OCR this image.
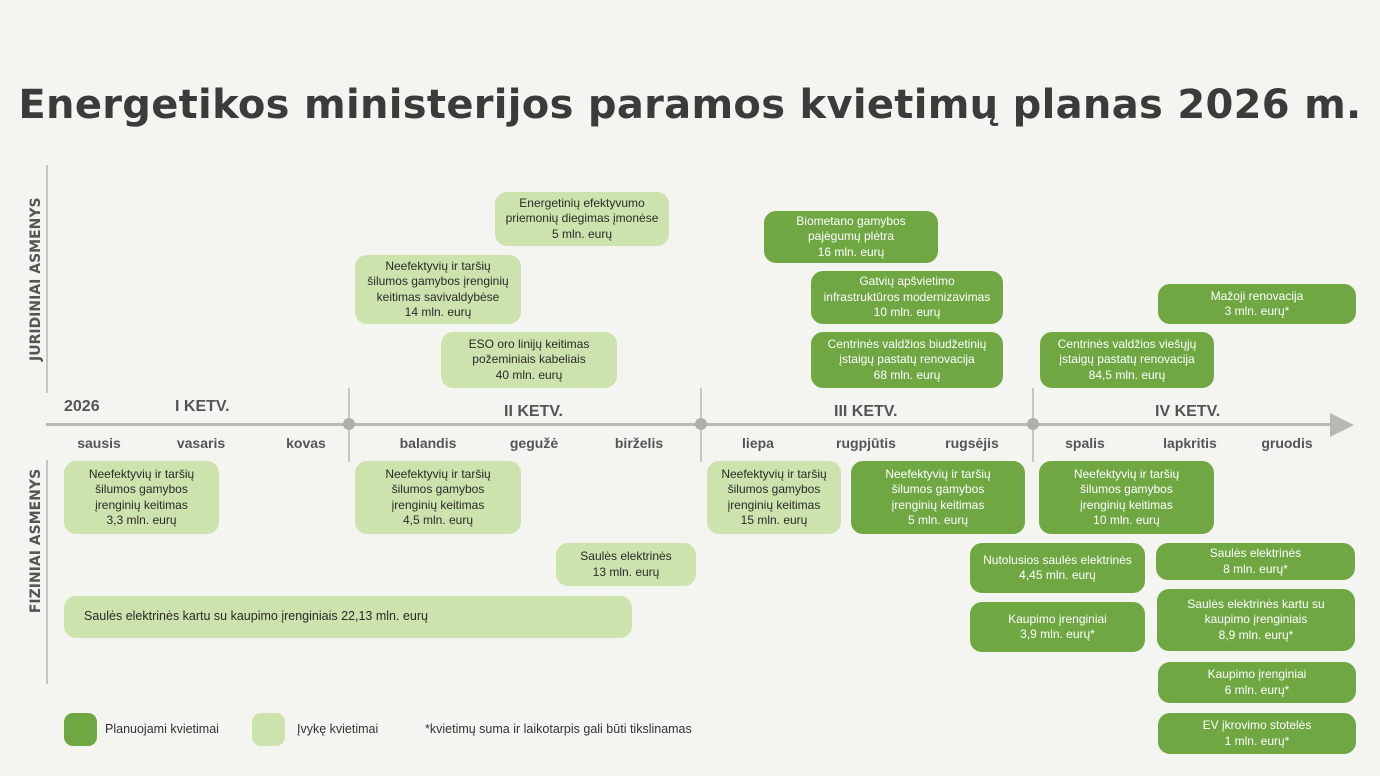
Energetikos ministerijos paramos kvietimų planas 2026 m.
JURIDINIAI ASMENYS
FIZINIAI ASMENYS
2026	I KETV.	II KETV.	III KETV.	IV KETV.
sausis	vasaris	kovas	balandis	gegužė	birželis	liepa	rugpjūtis	rugsėjis	spalis	lapkritis	gruodis
Energetinių efektyvumo
priemonių diegimas įmonėse
5 mln. eurų
Neefektyvių ir taršių
šilumos gamybos įrenginių
keitimas savivaldybėse
14 mln. eurų
ESO oro linijų keitimas
požeminiais kabeliais
40 mln. eurų
Biometano gamybos
pajėgumų plėtra
16 mln. eurų
Gatvių apšvietimo
infrastruktūros modernizavimas
10 mln. eurų
Centrinės valdžios biudžetinių
įstaigų pastatų renovacija
68 mln. eurų
Mažoji renovacija
3 mln. eurų*
Centrinės valdžios viešųjų
įstaigų pastatų renovacija
84,5 mln. eurų
Neefektyvių ir taršių
šilumos gamybos
įrenginių keitimas
3,3 mln. eurų
Neefektyvių ir taršių
šilumos gamybos
įrenginių keitimas
4,5 mln. eurų
Neefektyvių ir taršių
šilumos gamybos
įrenginių keitimas
15 mln. eurų
Neefektyvių ir taršių
šilumos gamybos
įrenginių keitimas
5 mln. eurų
Neefektyvių ir taršių
šilumos gamybos
įrenginių keitimas
10 mln. eurų
Saulės elektrinės
13 mln. eurų
Saulės elektrinės kartu su kaupimo įrenginiais 22,13 mln. eurų
Nutolusios saulės elektrinės
4,45 mln. eurų
Kaupimo įrenginiai
3,9 mln. eurų*
Saulės elektrinės
8 mln. eurų*
Saulės elektrinės kartu su
kaupimo įrenginiais
8,9 mln. eurų*
Kaupimo įrenginiai
6 mln. eurų*
EV įkrovimo stotelės
1 mln. eurų*
Planuojami kvietimai	Įvykę kvietimai	*kvietimų suma ir laikotarpis gali būti tikslinamas
